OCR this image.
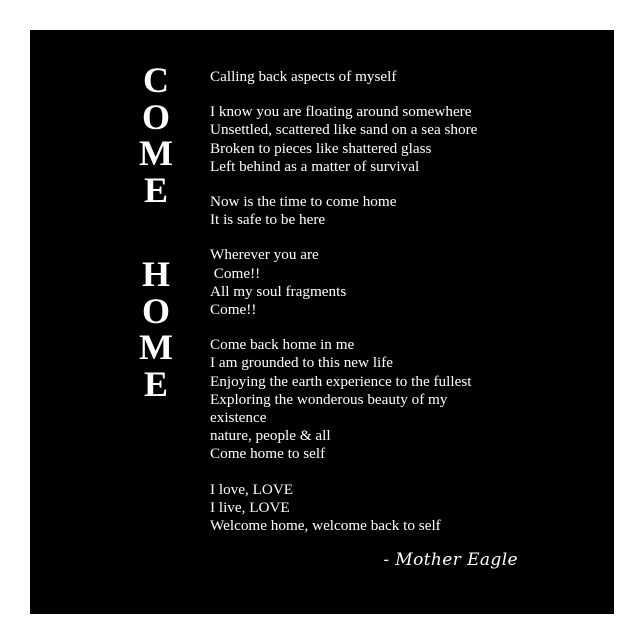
C
O
M
E
H
O
M
E

Calling back aspects of myself

I know you are floating around somewhere
Unsettled, scattered like sand on a sea shore
Broken to pieces like shattered glass
Left behind as a matter of survival

Now is the time to come home
It is safe to be here

Wherever you are
Come!!
All my soul fragments
Come!!

Come back home in me
I am grounded to this new life
Enjoying the earth experience to the fullest
Exploring the wonderous beauty of my
existence
nature, people & all
Come home to self

I love, LOVE
I live, LOVE
Welcome home, welcome back to self

- Mother Eagle
